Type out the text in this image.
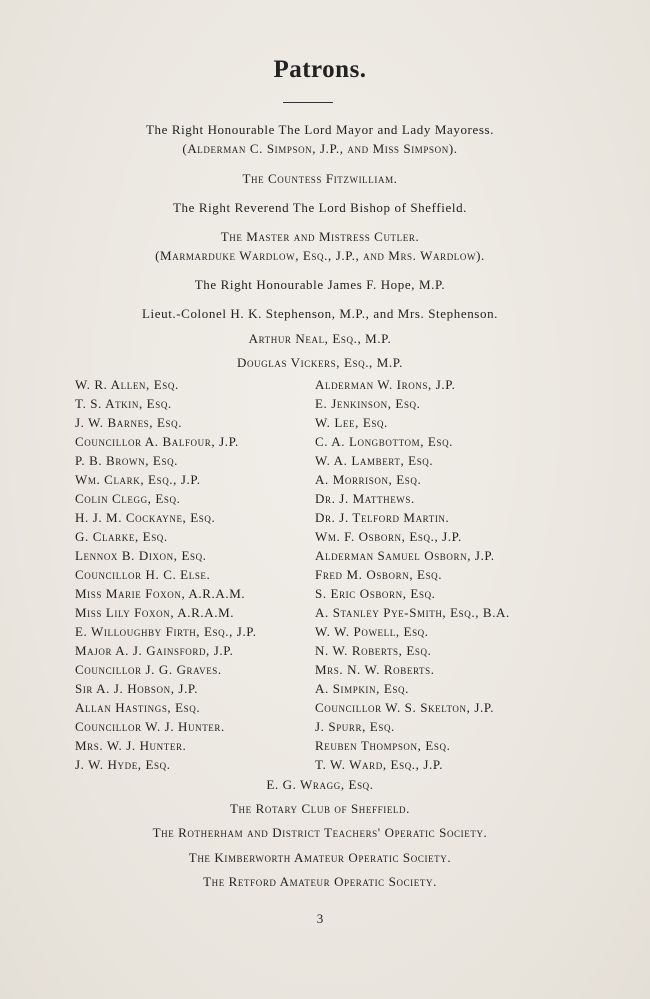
Patrons.
The Right Honourable The Lord Mayor and Lady Mayoress.
(Alderman C. Simpson, J.P., and Miss Simpson).
The Countess Fitzwilliam.
The Right Reverend The Lord Bishop of Sheffield.
The Master and Mistress Cutler.
(Marmarduke Wardlow, Esq., J.P., and Mrs. Wardlow).
The Right Honourable James F. Hope, M.P.
Lieut.-Colonel H. K. Stephenson, M.P., and Mrs. Stephenson.
Arthur Neal, Esq., M.P.
Douglas Vickers, Esq., M.P.
W. R. Allen, Esq.
T. S. Atkin, Esq.
J. W. Barnes, Esq.
Councillor A. Balfour, J.P.
P. B. Brown, Esq.
Wm. Clark, Esq., J.P.
Colin Clegg, Esq.
H. J. M. Cockayne, Esq.
G. Clarke, Esq.
Lennox B. Dixon, Esq.
Councillor H. C. Else.
Miss Marie Foxon, A.R.A.M.
Miss Lily Foxon, A.R.A.M.
E. Willoughby Firth, Esq., J.P.
Major A. J. Gainsford, J.P.
Councillor J. G. Graves.
Sir A. J. Hobson, J.P.
Allan Hastings, Esq.
Councillor W. J. Hunter.
Mrs. W. J. Hunter.
J. W. Hyde, Esq.
Alderman W. Irons, J.P.
E. Jenkinson, Esq.
W. Lee, Esq.
C. A. Longbottom, Esq.
W. A. Lambert, Esq.
A. Morrison, Esq.
Dr. J. Matthews.
Dr. J. Telford Martin.
Wm. F. Osborn, Esq., J.P.
Alderman Samuel Osborn, J.P.
Fred M. Osborn, Esq.
S. Eric Osborn, Esq.
A. Stanley Pye-Smith, Esq., B.A.
W. W. Powell, Esq.
N. W. Roberts, Esq.
Mrs. N. W. Roberts.
A. Simpkin, Esq.
Councillor W. S. Skelton, J.P.
J. Spurr, Esq.
Reuben Thompson, Esq.
T. W. Ward, Esq., J.P.
E. G. Wragg, Esq.
The Rotary Club of Sheffield.
The Rotherham and District Teachers' Operatic Society.
The Kimberworth Amateur Operatic Society.
The Retford Amateur Operatic Society.
3
